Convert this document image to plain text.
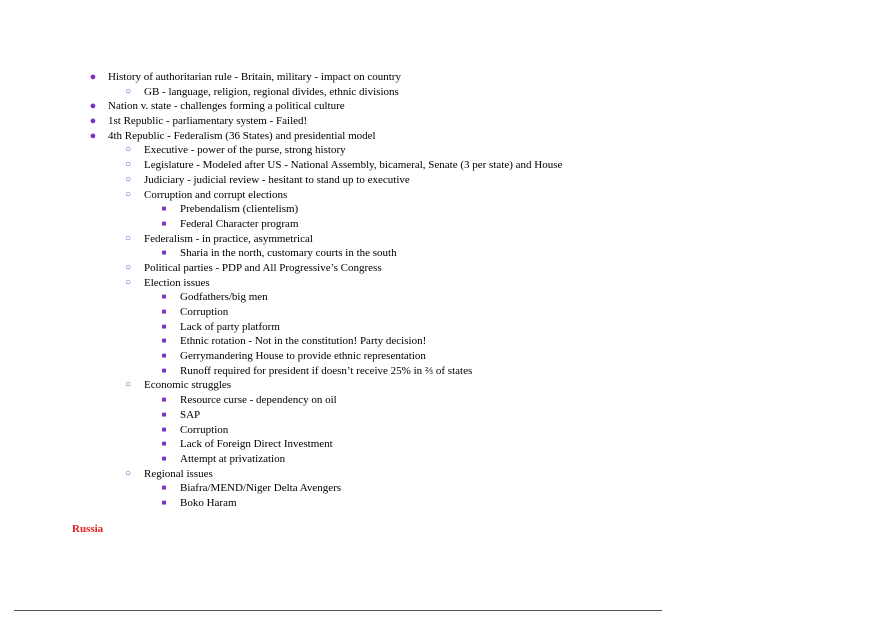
● History of authoritarian rule - Britain, military - impact on country
○ GB - language, religion, regional divides, ethnic divisions
● Nation v. state - challenges forming a political culture
● 1st Republic - parliamentary system - Failed!
● 4th Republic - Federalism (36 States) and presidential model
○ Executive - power of the purse, strong history
○ Legislature - Modeled after US - National Assembly, bicameral, Senate (3 per state) and House
○ Judiciary - judicial review - hesitant to stand up to executive
○ Corruption and corrupt elections
■	Prebendalism (clientelism)
■	Federal Character program
○ Federalism - in practice, asymmetrical
■	Sharia in the north, customary courts in the south
○ Political parties - PDP and All Progressive’s Congress
○ Election issues
■	Godfathers/big men
■	Corruption
■	Lack of party platform
■	Ethnic rotation - Not in the constitution! Party decision!
■	Gerrymandering House to provide ethnic representation
■	Runoff required for president if doesn’t receive 25% in ⅔ of states
○ Economic struggles
■	Resource curse - dependency on oil
■	SAP
■	Corruption
■	Lack of Foreign Direct Investment
■	Attempt at privatization
○ Regional issues
■	Biafra/MEND/Niger Delta Avengers
■	Boko Haram
Russia
